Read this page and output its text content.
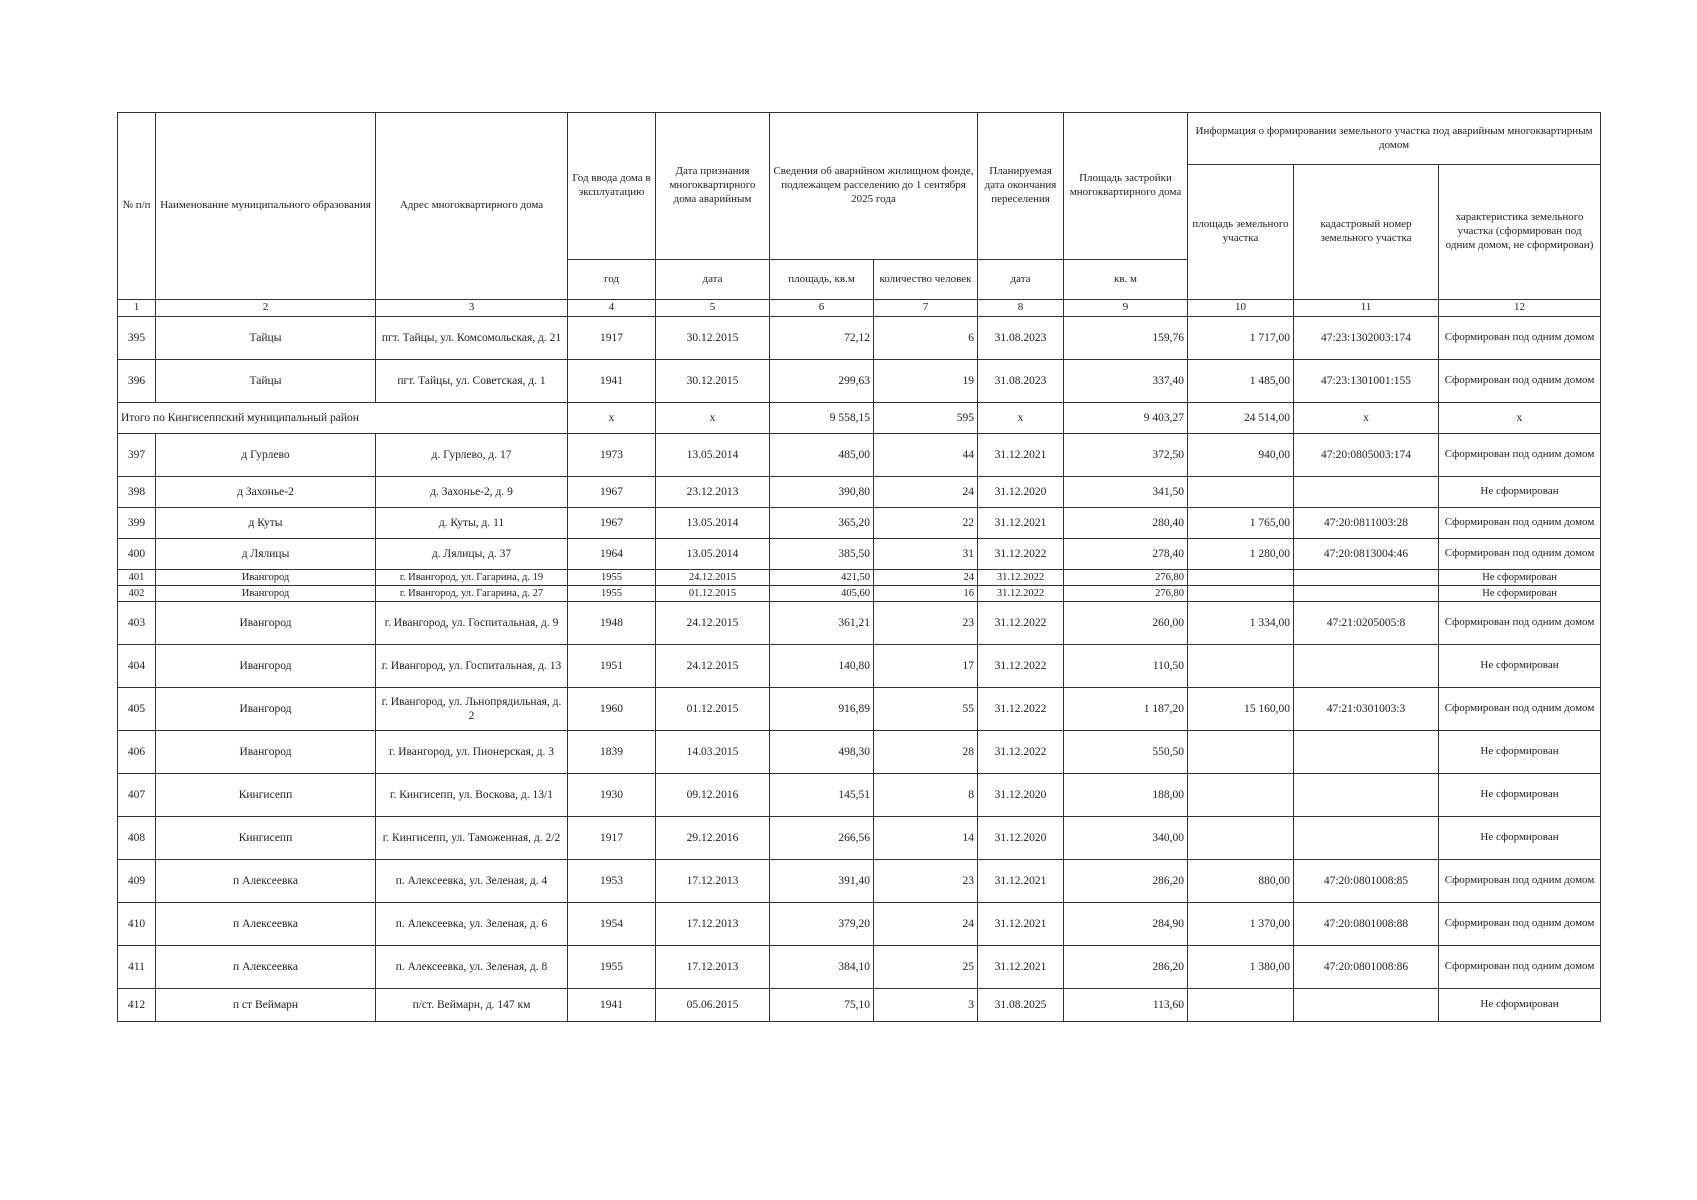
№ п/п	Наименование муниципального образования	Адрес многоквартирного дома	Год ввода дома в эксплуатацию	Дата признания многоквартирного дома аварийным	Сведения об аварийном жилищном фонде, подлежащем расселению до 1 сентября 2025 года		Планируемая дата окончания переселения	Площадь застройки многоквартирного дома	Информация о формировании земельного участка под аварийным многоквартирным домом		
									площадь земельного участка	кадастровый номер земельного участка	характеристика земельного участка (сформирован под одним домом, не сформирован)
			год	дата	площадь, кв.м	количество человек	дата	кв. м			
1	2	3	4	5	6	7	8	9	10	11	12
395	Тайцы	пгт. Тайцы, ул. Комсомольская, д. 21	1917	30.12.2015	72,12	6	31.08.2023	159,76	1 717,00	47:23:1302003:174	Сформирован под одним домом
396	Тайцы	пгт. Тайцы, ул. Советская, д. 1	1941	30.12.2015	299,63	19	31.08.2023	337,40	1 485,00	47:23:1301001:155	Сформирован под одним домом
Итого по Кингисеппский муниципальный район			x	x	9 558,15	595	x	9 403,27	24 514,00	x	x
397	д Гурлево	д. Гурлево, д. 17	1973	13.05.2014	485,00	44	31.12.2021	372,50	940,00	47:20:0805003:174	Сформирован под одним домом
398	д Захонье-2	д. Захонье-2, д. 9	1967	23.12.2013	390,80	24	31.12.2020	341,50			Не сформирован
399	д Куты	д. Куты, д. 11	1967	13.05.2014	365,20	22	31.12.2021	280,40	1 765,00	47:20:0811003:28	Сформирован под одним домом
400	д Лялицы	д. Лялицы, д. 37	1964	13.05.2014	385,50	31	31.12.2022	278,40	1 280,00	47:20:0813004:46	Сформирован под одним домом
401	Ивангород	г. Ивангород, ул. Гагарина, д. 19	1955	24.12.2015	421,50	24	31.12.2022	276,80			Не сформирован
402	Ивангород	г. Ивангород, ул. Гагарина, д. 27	1955	01.12.2015	405,60	16	31.12.2022	276,80			Не сформирован
403	Ивангород	г. Ивангород, ул. Госпитальная, д. 9	1948	24.12.2015	361,21	23	31.12.2022	260,00	1 334,00	47:21:0205005:8	Сформирован под одним домом
404	Ивангород	г. Ивангород, ул. Госпитальная, д. 13	1951	24.12.2015	140,80	17	31.12.2022	110,50			Не сформирован
405	Ивангород	г. Ивангород, ул. Льнопрядильная, д. 2	1960	01.12.2015	916,89	55	31.12.2022	1 187,20	15 160,00	47:21:0301003:3	Сформирован под одним домом
406	Ивангород	г. Ивангород, ул. Пионерская, д. 3	1839	14.03.2015	498,30	28	31.12.2022	550,50			Не сформирован
407	Кингисепп	г. Кингисепп, ул. Воскова, д. 13/1	1930	09.12.2016	145,51	8	31.12.2020	188,00			Не сформирован
408	Кингисепп	г. Кингисепп, ул. Таможенная, д. 2/2	1917	29.12.2016	266,56	14	31.12.2020	340,00			Не сформирован
409	п Алексеевка	п. Алексеевка, ул. Зеленая, д. 4	1953	17.12.2013	391,40	23	31.12.2021	286,20	880,00	47:20:0801008:85	Сформирован под одним домом
410	п Алексеевка	п. Алексеевка, ул. Зеленая, д. 6	1954	17.12.2013	379,20	24	31.12.2021	284,90	1 370,00	47:20:0801008:88	Сформирован под одним домом
411	п Алексеевка	п. Алексеевка, ул. Зеленая, д. 8	1955	17.12.2013	384,10	25	31.12.2021	286,20	1 380,00	47:20:0801008:86	Сформирован под одним домом
412	п ст Веймарн	п/ст. Веймарн, д. 147 км	1941	05.06.2015	75,10	3	31.08.2025	113,60			Не сформирован
